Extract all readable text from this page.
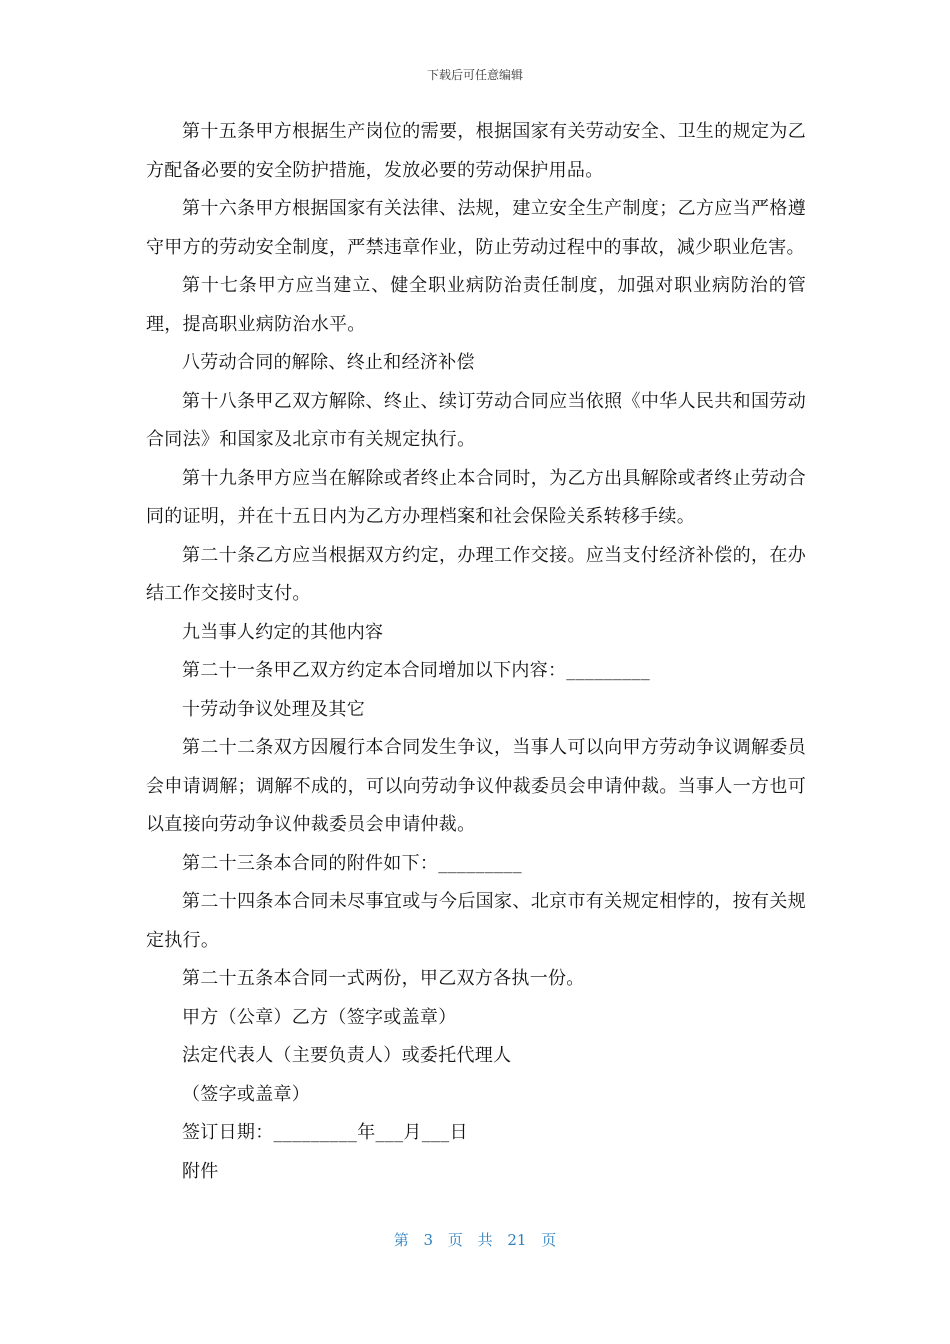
下载后可任意编辑

第十五条甲方根据生产岗位的需要，根据国家有关劳动安全、卫生的规定为乙方配备必要的安全防护措施，发放必要的劳动保护用品。

第十六条甲方根据国家有关法律、法规，建立安全生产制度；乙方应当严格遵守甲方的劳动安全制度，严禁违章作业，防止劳动过程中的事故，减少职业危害。

第十七条甲方应当建立、健全职业病防治责任制度，加强对职业病防治的管理，提高职业病防治水平。

八劳动合同的解除、终止和经济补偿

第十八条甲乙双方解除、终止、续订劳动合同应当依照《中华人民共和国劳动合同法》和国家及北京市有关规定执行。

第十九条甲方应当在解除或者终止本合同时，为乙方出具解除或者终止劳动合同的证明，并在十五日内为乙方办理档案和社会保险关系转移手续。

第二十条乙方应当根据双方约定，办理工作交接。应当支付经济补偿的，在办结工作交接时支付。

九当事人约定的其他内容

第二十一条甲乙双方约定本合同增加以下内容：_________

十劳动争议处理及其它

第二十二条双方因履行本合同发生争议，当事人可以向甲方劳动争议调解委员会申请调解；调解不成的，可以向劳动争议仲裁委员会申请仲裁。当事人一方也可以直接向劳动争议仲裁委员会申请仲裁。

第二十三条本合同的附件如下：_________

第二十四条本合同未尽事宜或与今后国家、北京市有关规定相悖的，按有关规定执行。

第二十五条本合同一式两份，甲乙双方各执一份。

甲方（公章）乙方（签字或盖章）

法定代表人（主要负责人）或委托代理人

（签字或盖章）

签订日期：_________年___月___日

附件

第 3 页 共 21 页
